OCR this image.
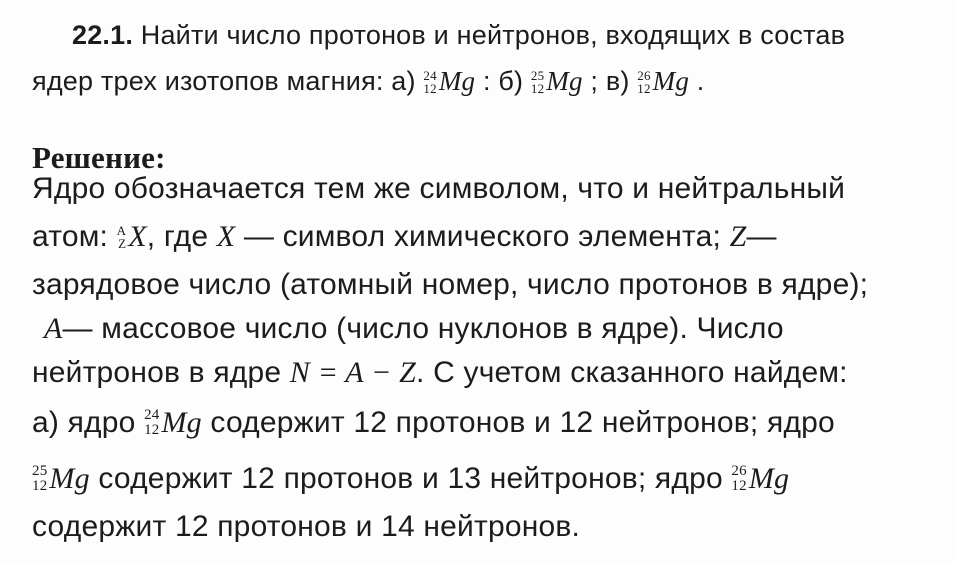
22.1. Найти число протонов и нейтронов, входящих в состав
ядер трех изотопов магния: а) 24
12 Mg : б) 25
12 Mg ; в) 26
12 Mg .
Решение:
Ядро обозначается тем же символом, что и нейтральный
атом: A
Z X, где X — символ химического элемента; Z—
зарядовое число (атомный номер, число протонов в ядре);
A— массовое число (число нуклонов в ядре). Число
нейтронов в ядре N = A − Z. С учетом сказанного найдем:
а) ядро 24
12 Mg содержит 12 протонов и 12 нейтронов; ядро
25
12 Mg содержит 12 протонов и 13 нейтронов; ядро 26
12 Mg
содержит 12 протонов и 14 нейтронов.
